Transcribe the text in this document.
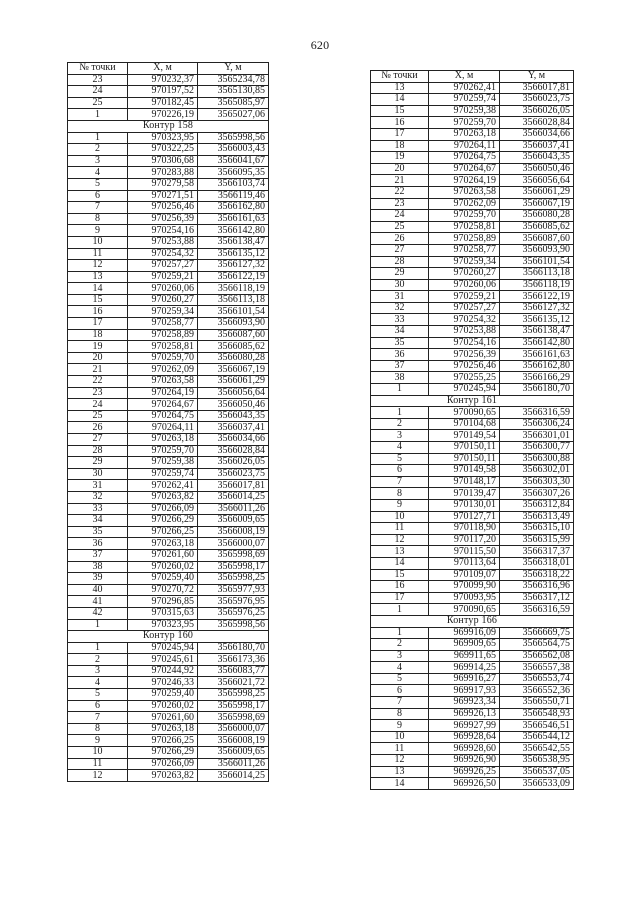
620
№ точки	X, м	Y, м
23	970232,37	3565234,78
24	970197,52	3565130,85
25	970182,45	3565085,97
1	970226,19	3565027,06
Контур 158		
1	970323,95	3565998,56
2	970322,25	3566003,43
3	970306,68	3566041,67
4	970283,88	3566095,35
5	970279,58	3566103,74
6	970271,51	3566119,46
7	970256,46	3566162,80
8	970256,39	3566161,63
9	970254,16	3566142,80
10	970253,88	3566138,47
11	970254,32	3566135,12
12	970257,27	3566127,32
13	970259,21	3566122,19
14	970260,06	3566118,19
15	970260,27	3566113,18
16	970259,34	3566101,54
17	970258,77	3566093,90
18	970258,89	3566087,60
19	970258,81	3566085,62
20	970259,70	3566080,28
21	970262,09	3566067,19
22	970263,58	3566061,29
23	970264,19	3566056,64
24	970264,67	3566050,46
25	970264,75	3566043,35
26	970264,11	3566037,41
27	970263,18	3566034,66
28	970259,70	3566028,84
29	970259,38	3566026,05
30	970259,74	3566023,75
31	970262,41	3566017,81
32	970263,82	3566014,25
33	970266,09	3566011,26
34	970266,29	3566009,65
35	970266,25	3566008,19
36	970263,18	3566000,07
37	970261,60	3565998,69
38	970260,02	3565998,17
39	970259,40	3565998,25
40	970270,72	3565977,93
41	970296,85	3565976,95
42	970315,63	3565976,25
1	970323,95	3565998,56
Контур 160		
1	970245,94	3566180,70
2	970245,61	3566173,36
3	970244,92	3566083,77
4	970246,33	3566021,72
5	970259,40	3565998,25
6	970260,02	3565998,17
7	970261,60	3565998,69
8	970263,18	3566000,07
9	970266,25	3566008,19
10	970266,29	3566009,65
11	970266,09	3566011,26
12	970263,82	3566014,25
№ точки	X, м	Y, м
13	970262,41	3566017,81
14	970259,74	3566023,75
15	970259,38	3566026,05
16	970259,70	3566028,84
17	970263,18	3566034,66
18	970264,11	3566037,41
19	970264,75	3566043,35
20	970264,67	3566050,46
21	970264,19	3566056,64
22	970263,58	3566061,29
23	970262,09	3566067,19
24	970259,70	3566080,28
25	970258,81	3566085,62
26	970258,89	3566087,60
27	970258,77	3566093,90
28	970259,34	3566101,54
29	970260,27	3566113,18
30	970260,06	3566118,19
31	970259,21	3566122,19
32	970257,27	3566127,32
33	970254,32	3566135,12
34	970253,88	3566138,47
35	970254,16	3566142,80
36	970256,39	3566161,63
37	970256,46	3566162,80
38	970255,25	3566166,29
1	970245,94	3566180,70
Контур 161		
1	970090,65	3566316,59
2	970104,68	3566306,24
3	970149,54	3566301,01
4	970150,11	3566300,77
5	970150,11	3566300,88
6	970149,58	3566302,01
7	970148,17	3566303,30
8	970139,47	3566307,26
9	970130,01	3566312,84
10	970127,71	3566313,49
11	970118,90	3566315,10
12	970117,20	3566315,99
13	970115,50	3566317,37
14	970113,64	3566318,01
15	970109,07	3566318,22
16	970099,90	3566316,96
17	970093,95	3566317,12
1	970090,65	3566316,59
Контур 166		
1	969916,09	3566669,75
2	969909,65	3566564,75
3	969911,65	3566562,08
4	969914,25	3566557,38
5	969916,27	3566553,74
6	969917,93	3566552,36
7	969923,34	3566550,71
8	969926,13	3566548,93
9	969927,99	3566546,51
10	969928,64	3566544,12
11	969928,60	3566542,55
12	969926,90	3566538,95
13	969926,25	3566537,05
14	969926,50	3566533,09
